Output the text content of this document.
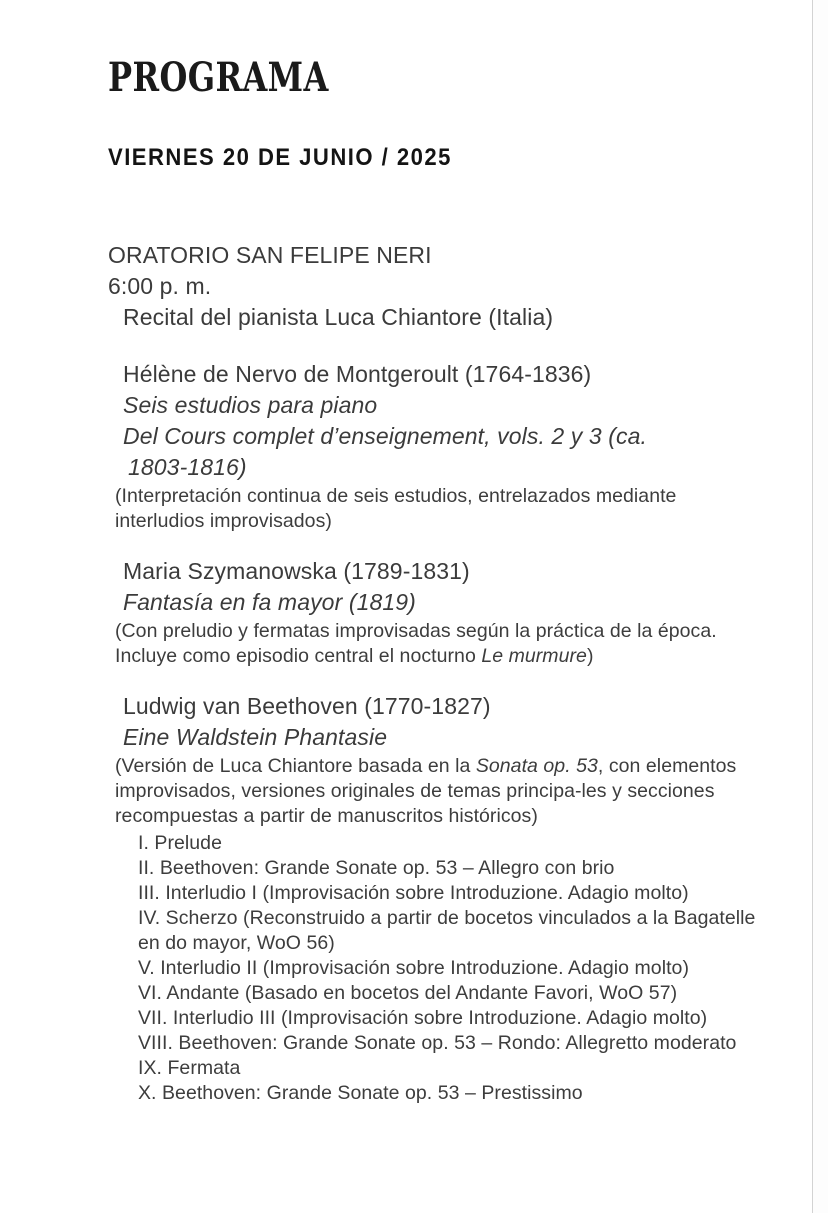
PROGRAMA
VIERNES 20 DE JUNIO / 2025
ORATORIO SAN FELIPE NERI
6:00 p. m.
Recital del pianista Luca Chiantore (Italia)
Hélène de Nervo de Montgeroult (1764-1836)
Seis estudios para piano
Del Cours complet d’enseignement, vols. 2 y 3 (ca.
1803-1816)
(Interpretación continua de seis estudios, entrelazados mediante interludios improvisados)
Maria Szymanowska (1789-1831)
Fantasía en fa mayor (1819)
(Con preludio y fermatas improvisadas según la práctica de la época. Incluye como episodio central el nocturno Le murmure)
Ludwig van Beethoven (1770-1827)
Eine Waldstein Phantasie
(Versión de Luca Chiantore basada en la Sonata op. 53, con elementos improvisados, versiones originales de temas principa-les y secciones recompuestas a partir de manuscritos históricos)
I. Prelude
II. Beethoven: Grande Sonate op. 53 – Allegro con brio
III. Interludio I (Improvisación sobre Introduzione. Adagio molto)
IV. Scherzo (Reconstruido a partir de bocetos vinculados a la Bagatelle en do mayor, WoO 56)
V. Interludio II (Improvisación sobre Introduzione. Adagio molto)
VI. Andante (Basado en bocetos del Andante Favori, WoO 57)
VII. Interludio III (Improvisación sobre Introduzione. Adagio molto)
VIII. Beethoven: Grande Sonate op. 53 – Rondo: Allegretto moderato
IX. Fermata
X. Beethoven: Grande Sonate op. 53 – Prestissimo
